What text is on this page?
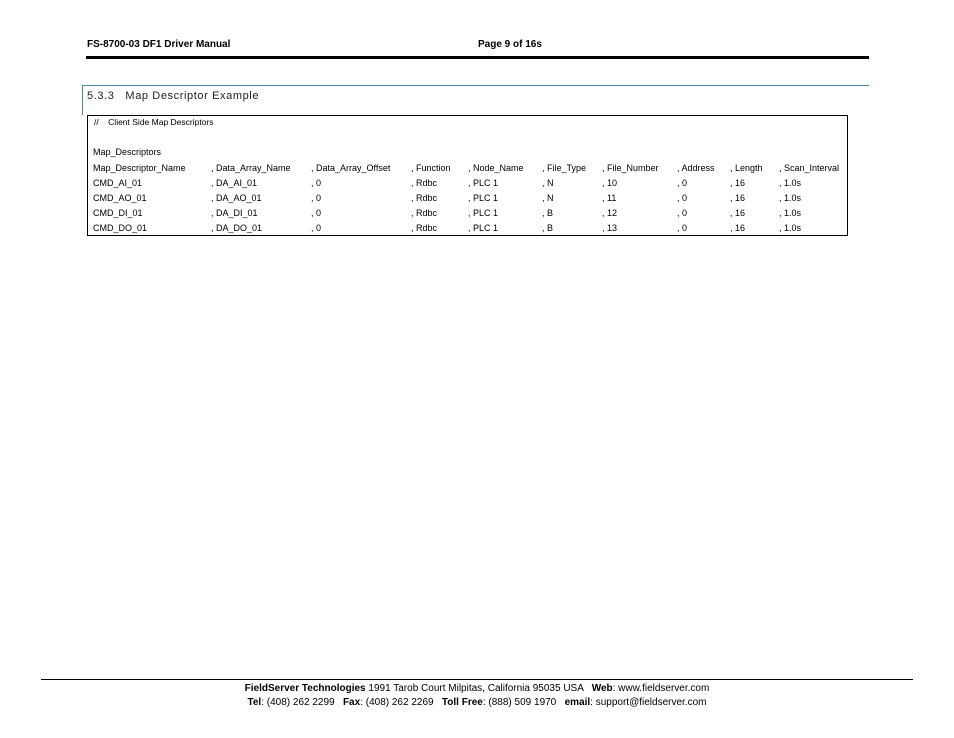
FS-8700-03 DF1 Driver Manual	Page 9 of 16s
5.3.3   Map Descriptor Example
//    Client Side Map Descriptors
Map_Descriptors
Map_Descriptor_Name	, Data_Array_Name	, Data_Array_Offset	, Function	, Node_Name	, File_Type	, File_Number	, Address	, Length	, Scan_Interval
CMD_AI_01	, DA_AI_01	, 0	, Rdbc	, PLC 1	, N	, 10	, 0	, 16	, 1.0s
CMD_AO_01	, DA_AO_01	, 0	, Rdbc	, PLC 1	, N	, 11	, 0	, 16	, 1.0s
CMD_DI_01	, DA_DI_01	, 0	, Rdbc	, PLC 1	, B	, 12	, 0	, 16	, 1.0s
CMD_DO_01	, DA_DO_01	, 0	, Rdbc	, PLC 1	, B	, 13	, 0	, 16	, 1.0s
FieldServer Technologies 1991 Tarob Court Milpitas, California 95035 USA   Web: www.fieldserver.com
Tel: (408) 262 2299   Fax: (408) 262 2269   Toll Free: (888) 509 1970   email: support@fieldserver.com
